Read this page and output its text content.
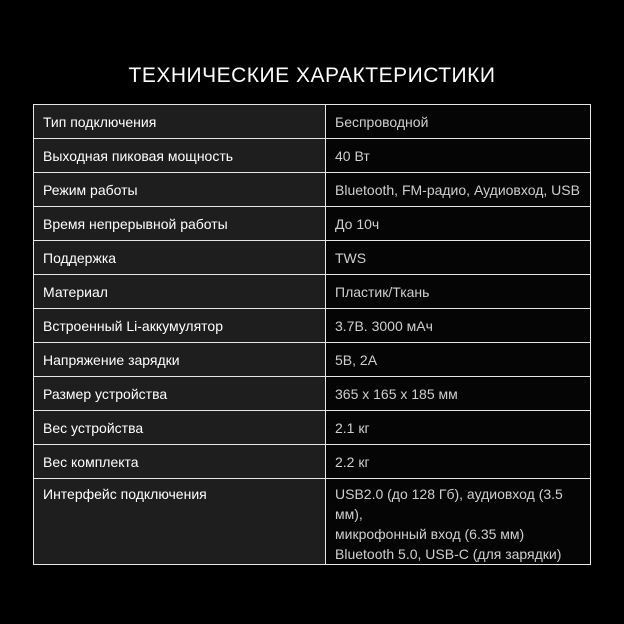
ТЕХНИЧЕСКИЕ ХАРАКТЕРИСТИКИ
Тип подключения	Беспроводной
Выходная пиковая мощность	40 Вт
Режим работы	Bluetooth, FM-радио, Аудиовход, USB
Время непрерывной работы	До 10ч
Поддержка	TWS
Материал	Пластик/Ткань
Встроенный Li-аккумулятор	3.7В. 3000 мАч
Напряжение зарядки	5В, 2А
Размер устройства	365 x 165 x 185 мм
Вес устройства	2.1 кг
Вес комплекта	2.2 кг
Интерфейс подключения	USB2.0 (до 128 Гб), аудиовход (3.5 мм),
микрофонный вход (6.35 мм)
Bluetooth 5.0, USB-C (для зарядки)
